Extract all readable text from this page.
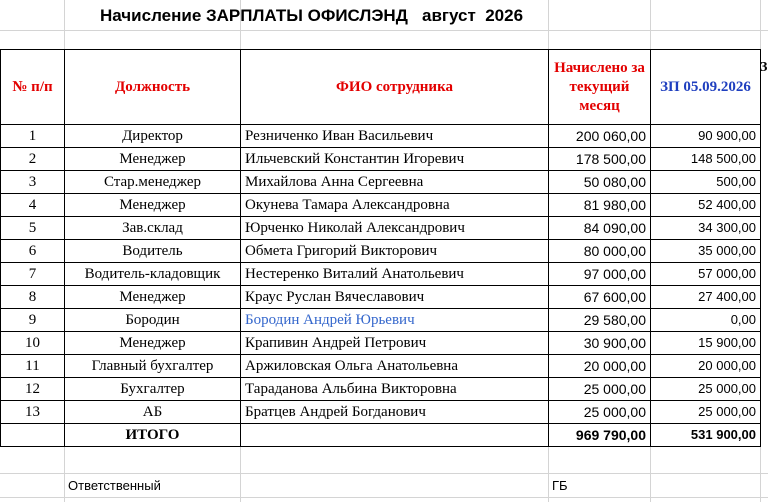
Начисление ЗАРПЛАТЫ ОФИСЛЭНД   август  2026
З
№ п/п	Должность	ФИО сотрудника	Начислено за текущий месяц	ЗП 05.09.2026
1	Директор	Резниченко Иван Васильевич	200 060,00	90 900,00
2	Менеджер	Ильчевский Константин Игоревич	178 500,00	148 500,00
3	Стар.менеджер	Михайлова Анна Сергеевна	50 080,00	500,00
4	Менеджер	Окунева Тамара Александровна	81 980,00	52 400,00
5	Зав.склад	Юрченко Николай Александрович	84 090,00	34 300,00
6	Водитель	Обмета Григорий Викторович	80 000,00	35 000,00
7	Водитель-кладовщик	Нестеренко Виталий Анатольевич	97 000,00	57 000,00
8	Менеджер	Краус Руслан Вячеславович	67 600,00	27 400,00
9	Бородин	Бородин Андрей Юрьевич	29 580,00	0,00
10	Менеджер	Крапивин Андрей Петрович	30 900,00	15 900,00
11	Главный бухгалтер	Аржиловская Ольга Анатольевна	20 000,00	20 000,00
12	Бухгалтер	Тараданова Альбина Викторовна	25 000,00	25 000,00
13	АБ	Братцев Андрей Богданович	25 000,00	25 000,00
	ИТОГО		969 790,00	531 900,00
Ответственный	ГБ
